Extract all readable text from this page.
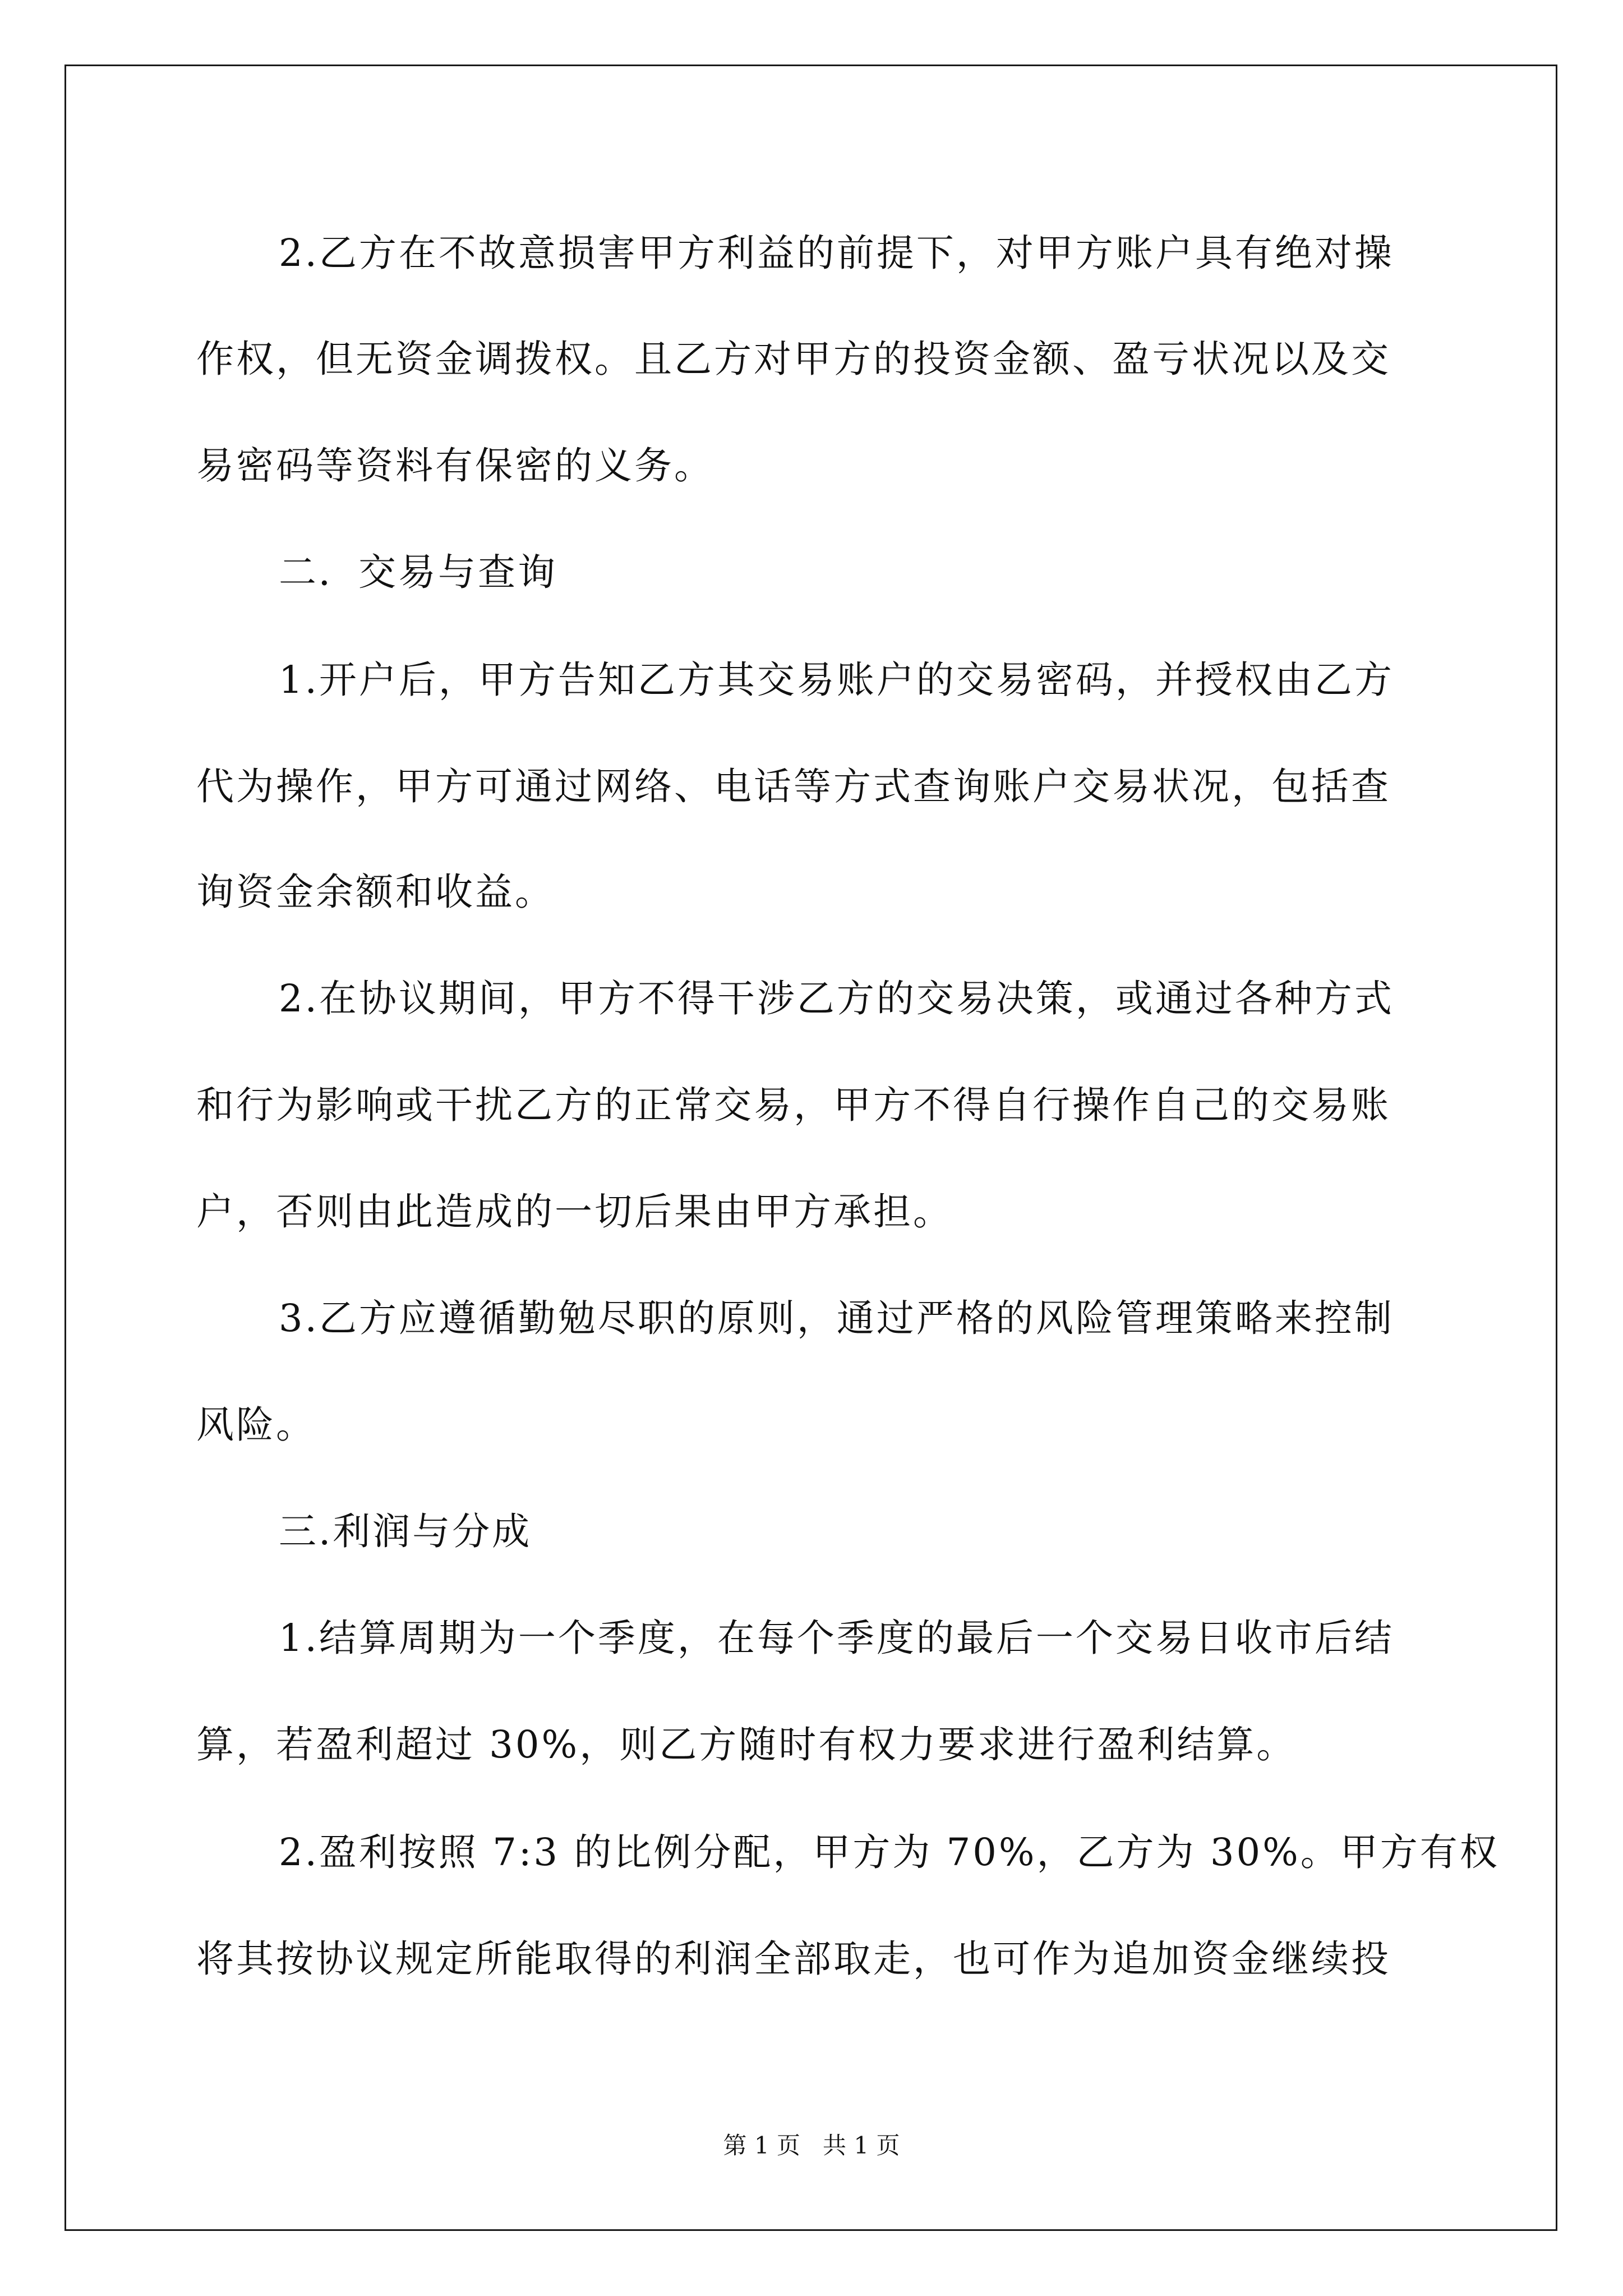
2.乙方在不故意损害甲方利益的前提下，对甲方账户具有绝对操
作权，但无资金调拨权。且乙方对甲方的投资金额、盈亏状况以及交
易密码等资料有保密的义务。
二．交易与查询
1.开户后，甲方告知乙方其交易账户的交易密码，并授权由乙方
代为操作，甲方可通过网络、电话等方式查询账户交易状况，包括查
询资金余额和收益。
2.在协议期间，甲方不得干涉乙方的交易决策，或通过各种方式
和行为影响或干扰乙方的正常交易，甲方不得自行操作自己的交易账
户，否则由此造成的一切后果由甲方承担。
3.乙方应遵循勤勉尽职的原则，通过严格的风险管理策略来控制
风险。
三.利润与分成
1.结算周期为一个季度，在每个季度的最后一个交易日收市后结
算，若盈利超过 30%，则乙方随时有权力要求进行盈利结算。
2.盈利按照 7:3 的比例分配，甲方为 70%，乙方为 30%。甲方有权
将其按协议规定所能取得的利润全部取走，也可作为追加资金继续投
第 1 页   共 1 页
